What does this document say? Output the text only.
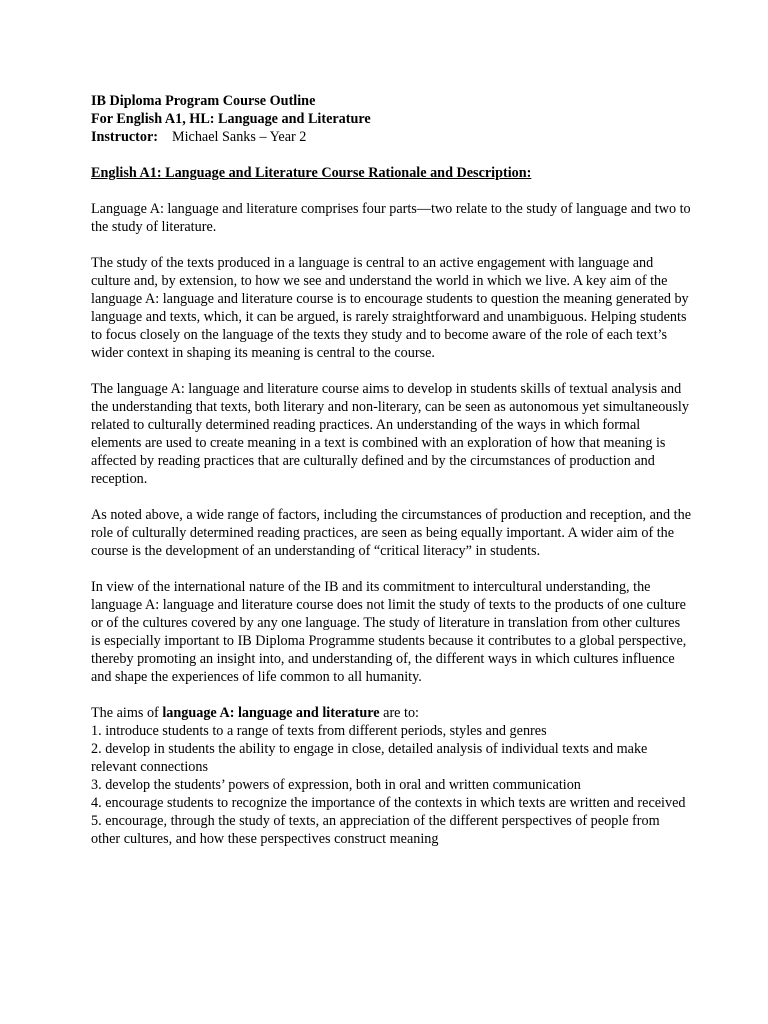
IB Diploma Program Course Outline

For English A1, HL: Language and Literature

Instructor: Michael Sanks – Year 2

English A1: Language and Literature Course Rationale and Description:

Language A: language and literature comprises four parts—two relate to the study of language and two to the study of literature.

The study of the texts produced in a language is central to an active engagement with language and culture and, by extension, to how we see and understand the world in which we live. A key aim of the language A: language and literature course is to encourage students to question the meaning generated by language and texts, which, it can be argued, is rarely straightforward and unambiguous. Helping students to focus closely on the language of the texts they study and to become aware of the role of each text’s wider context in shaping its meaning is central to the course.

The language A: language and literature course aims to develop in students skills of textual analysis and the understanding that texts, both literary and non-literary, can be seen as autonomous yet simultaneously related to culturally determined reading practices. An understanding of the ways in which formal elements are used to create meaning in a text is combined with an exploration of how that meaning is affected by reading practices that are culturally defined and by the circumstances of production and reception.

As noted above, a wide range of factors, including the circumstances of production and reception, and the role of culturally determined reading practices, are seen as being equally important. A wider aim of the course is the development of an understanding of “critical literacy” in students.

In view of the international nature of the IB and its commitment to intercultural understanding, the language A: language and literature course does not limit the study of texts to the products of one culture or of the cultures covered by any one language. The study of literature in translation from other cultures is especially important to IB Diploma Programme students because it contributes to a global perspective, thereby promoting an insight into, and understanding of, the different ways in which cultures influence and shape the experiences of life common to all humanity.

The aims of language A: language and literature are to:

1. introduce students to a range of texts from different periods, styles and genres
2. develop in students the ability to engage in close, detailed analysis of individual texts and make relevant connections
3. develop the students’ powers of expression, both in oral and written communication
4. encourage students to recognize the importance of the contexts in which texts are written and received
5. encourage, through the study of texts, an appreciation of the different perspectives of people from other cultures, and how these perspectives construct meaning
